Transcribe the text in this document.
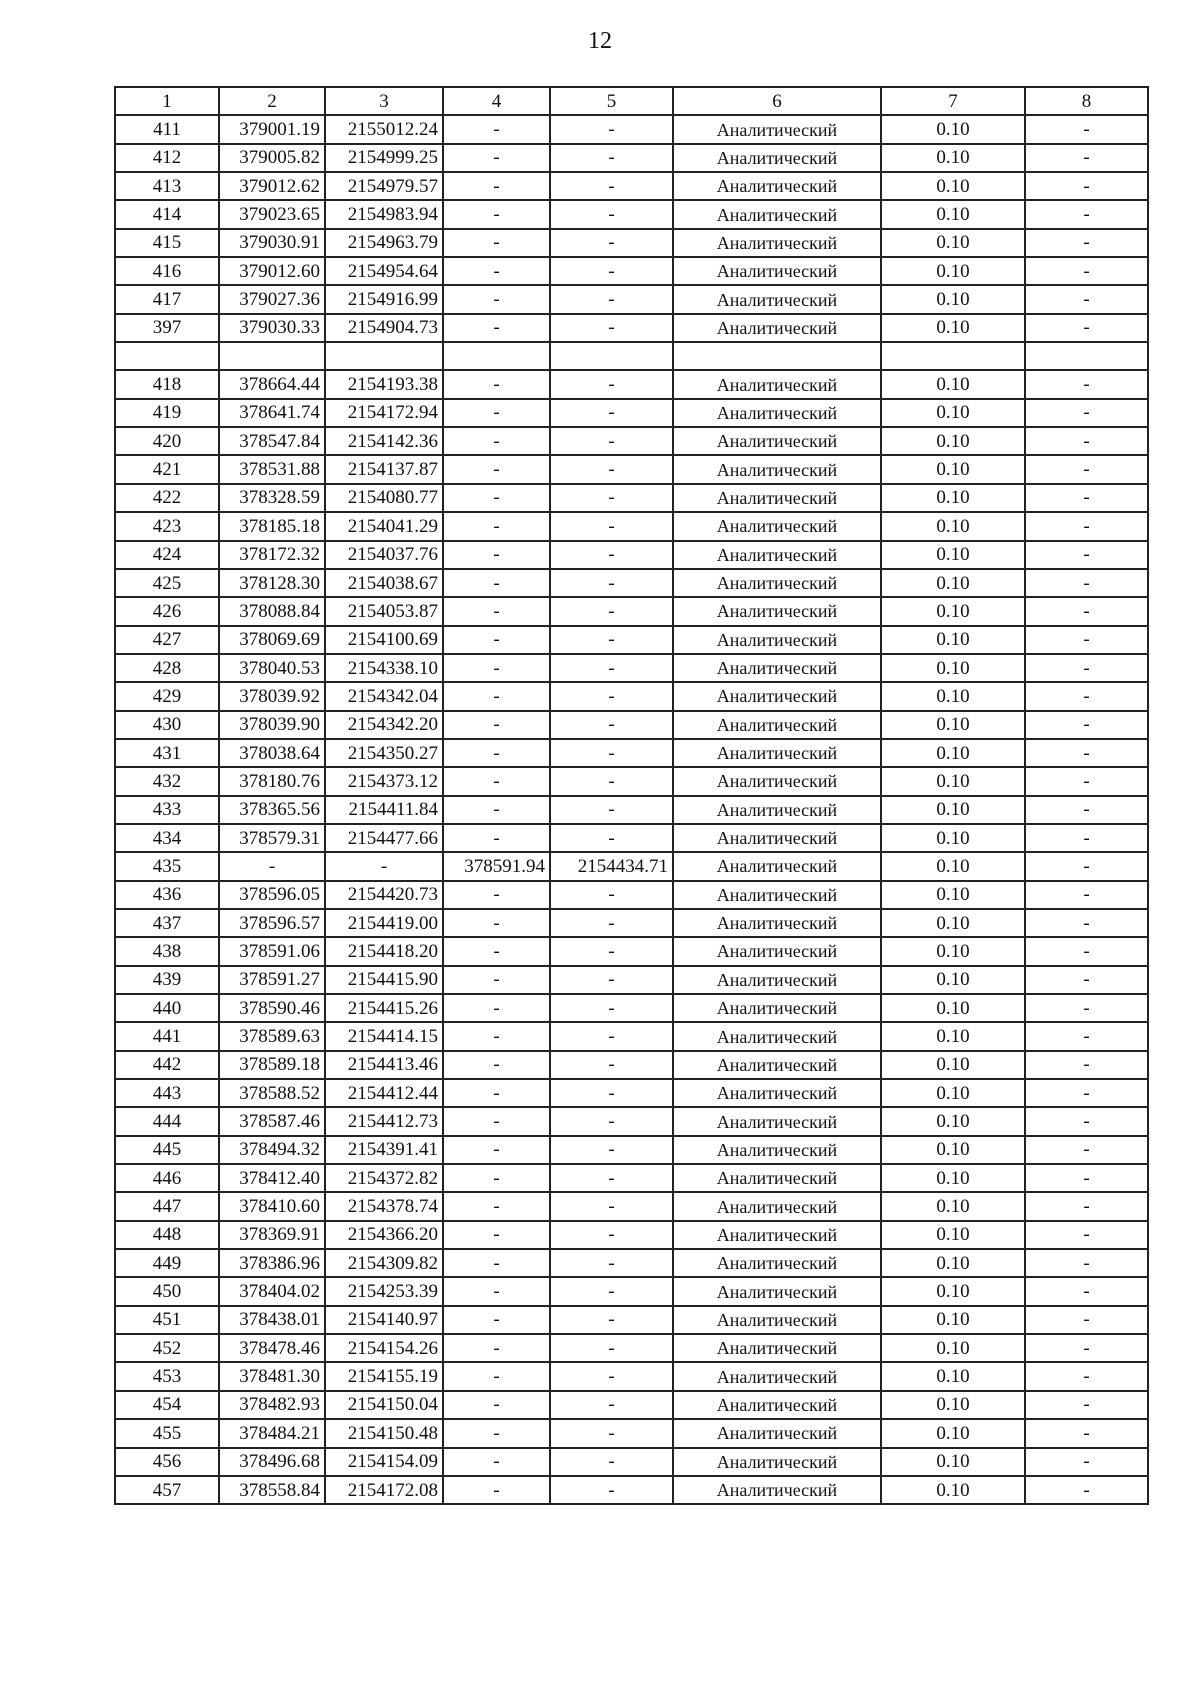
12
1	2	3	4	5	6	7	8
411	379001.19	2155012.24	-	-	Аналитический	0.10	-
412	379005.82	2154999.25	-	-	Аналитический	0.10	-
413	379012.62	2154979.57	-	-	Аналитический	0.10	-
414	379023.65	2154983.94	-	-	Аналитический	0.10	-
415	379030.91	2154963.79	-	-	Аналитический	0.10	-
416	379012.60	2154954.64	-	-	Аналитический	0.10	-
417	379027.36	2154916.99	-	-	Аналитический	0.10	-
397	379030.33	2154904.73	-	-	Аналитический	0.10	-

418	378664.44	2154193.38	-	-	Аналитический	0.10	-
419	378641.74	2154172.94	-	-	Аналитический	0.10	-
420	378547.84	2154142.36	-	-	Аналитический	0.10	-
421	378531.88	2154137.87	-	-	Аналитический	0.10	-
422	378328.59	2154080.77	-	-	Аналитический	0.10	-
423	378185.18	2154041.29	-	-	Аналитический	0.10	-
424	378172.32	2154037.76	-	-	Аналитический	0.10	-
425	378128.30	2154038.67	-	-	Аналитический	0.10	-
426	378088.84	2154053.87	-	-	Аналитический	0.10	-
427	378069.69	2154100.69	-	-	Аналитический	0.10	-
428	378040.53	2154338.10	-	-	Аналитический	0.10	-
429	378039.92	2154342.04	-	-	Аналитический	0.10	-
430	378039.90	2154342.20	-	-	Аналитический	0.10	-
431	378038.64	2154350.27	-	-	Аналитический	0.10	-
432	378180.76	2154373.12	-	-	Аналитический	0.10	-
433	378365.56	2154411.84	-	-	Аналитический	0.10	-
434	378579.31	2154477.66	-	-	Аналитический	0.10	-
435	-	-	378591.94	2154434.71	Аналитический	0.10	-
436	378596.05	2154420.73	-	-	Аналитический	0.10	-
437	378596.57	2154419.00	-	-	Аналитический	0.10	-
438	378591.06	2154418.20	-	-	Аналитический	0.10	-
439	378591.27	2154415.90	-	-	Аналитический	0.10	-
440	378590.46	2154415.26	-	-	Аналитический	0.10	-
441	378589.63	2154414.15	-	-	Аналитический	0.10	-
442	378589.18	2154413.46	-	-	Аналитический	0.10	-
443	378588.52	2154412.44	-	-	Аналитический	0.10	-
444	378587.46	2154412.73	-	-	Аналитический	0.10	-
445	378494.32	2154391.41	-	-	Аналитический	0.10	-
446	378412.40	2154372.82	-	-	Аналитический	0.10	-
447	378410.60	2154378.74	-	-	Аналитический	0.10	-
448	378369.91	2154366.20	-	-	Аналитический	0.10	-
449	378386.96	2154309.82	-	-	Аналитический	0.10	-
450	378404.02	2154253.39	-	-	Аналитический	0.10	-
451	378438.01	2154140.97	-	-	Аналитический	0.10	-
452	378478.46	2154154.26	-	-	Аналитический	0.10	-
453	378481.30	2154155.19	-	-	Аналитический	0.10	-
454	378482.93	2154150.04	-	-	Аналитический	0.10	-
455	378484.21	2154150.48	-	-	Аналитический	0.10	-
456	378496.68	2154154.09	-	-	Аналитический	0.10	-
457	378558.84	2154172.08	-	-	Аналитический	0.10	-
